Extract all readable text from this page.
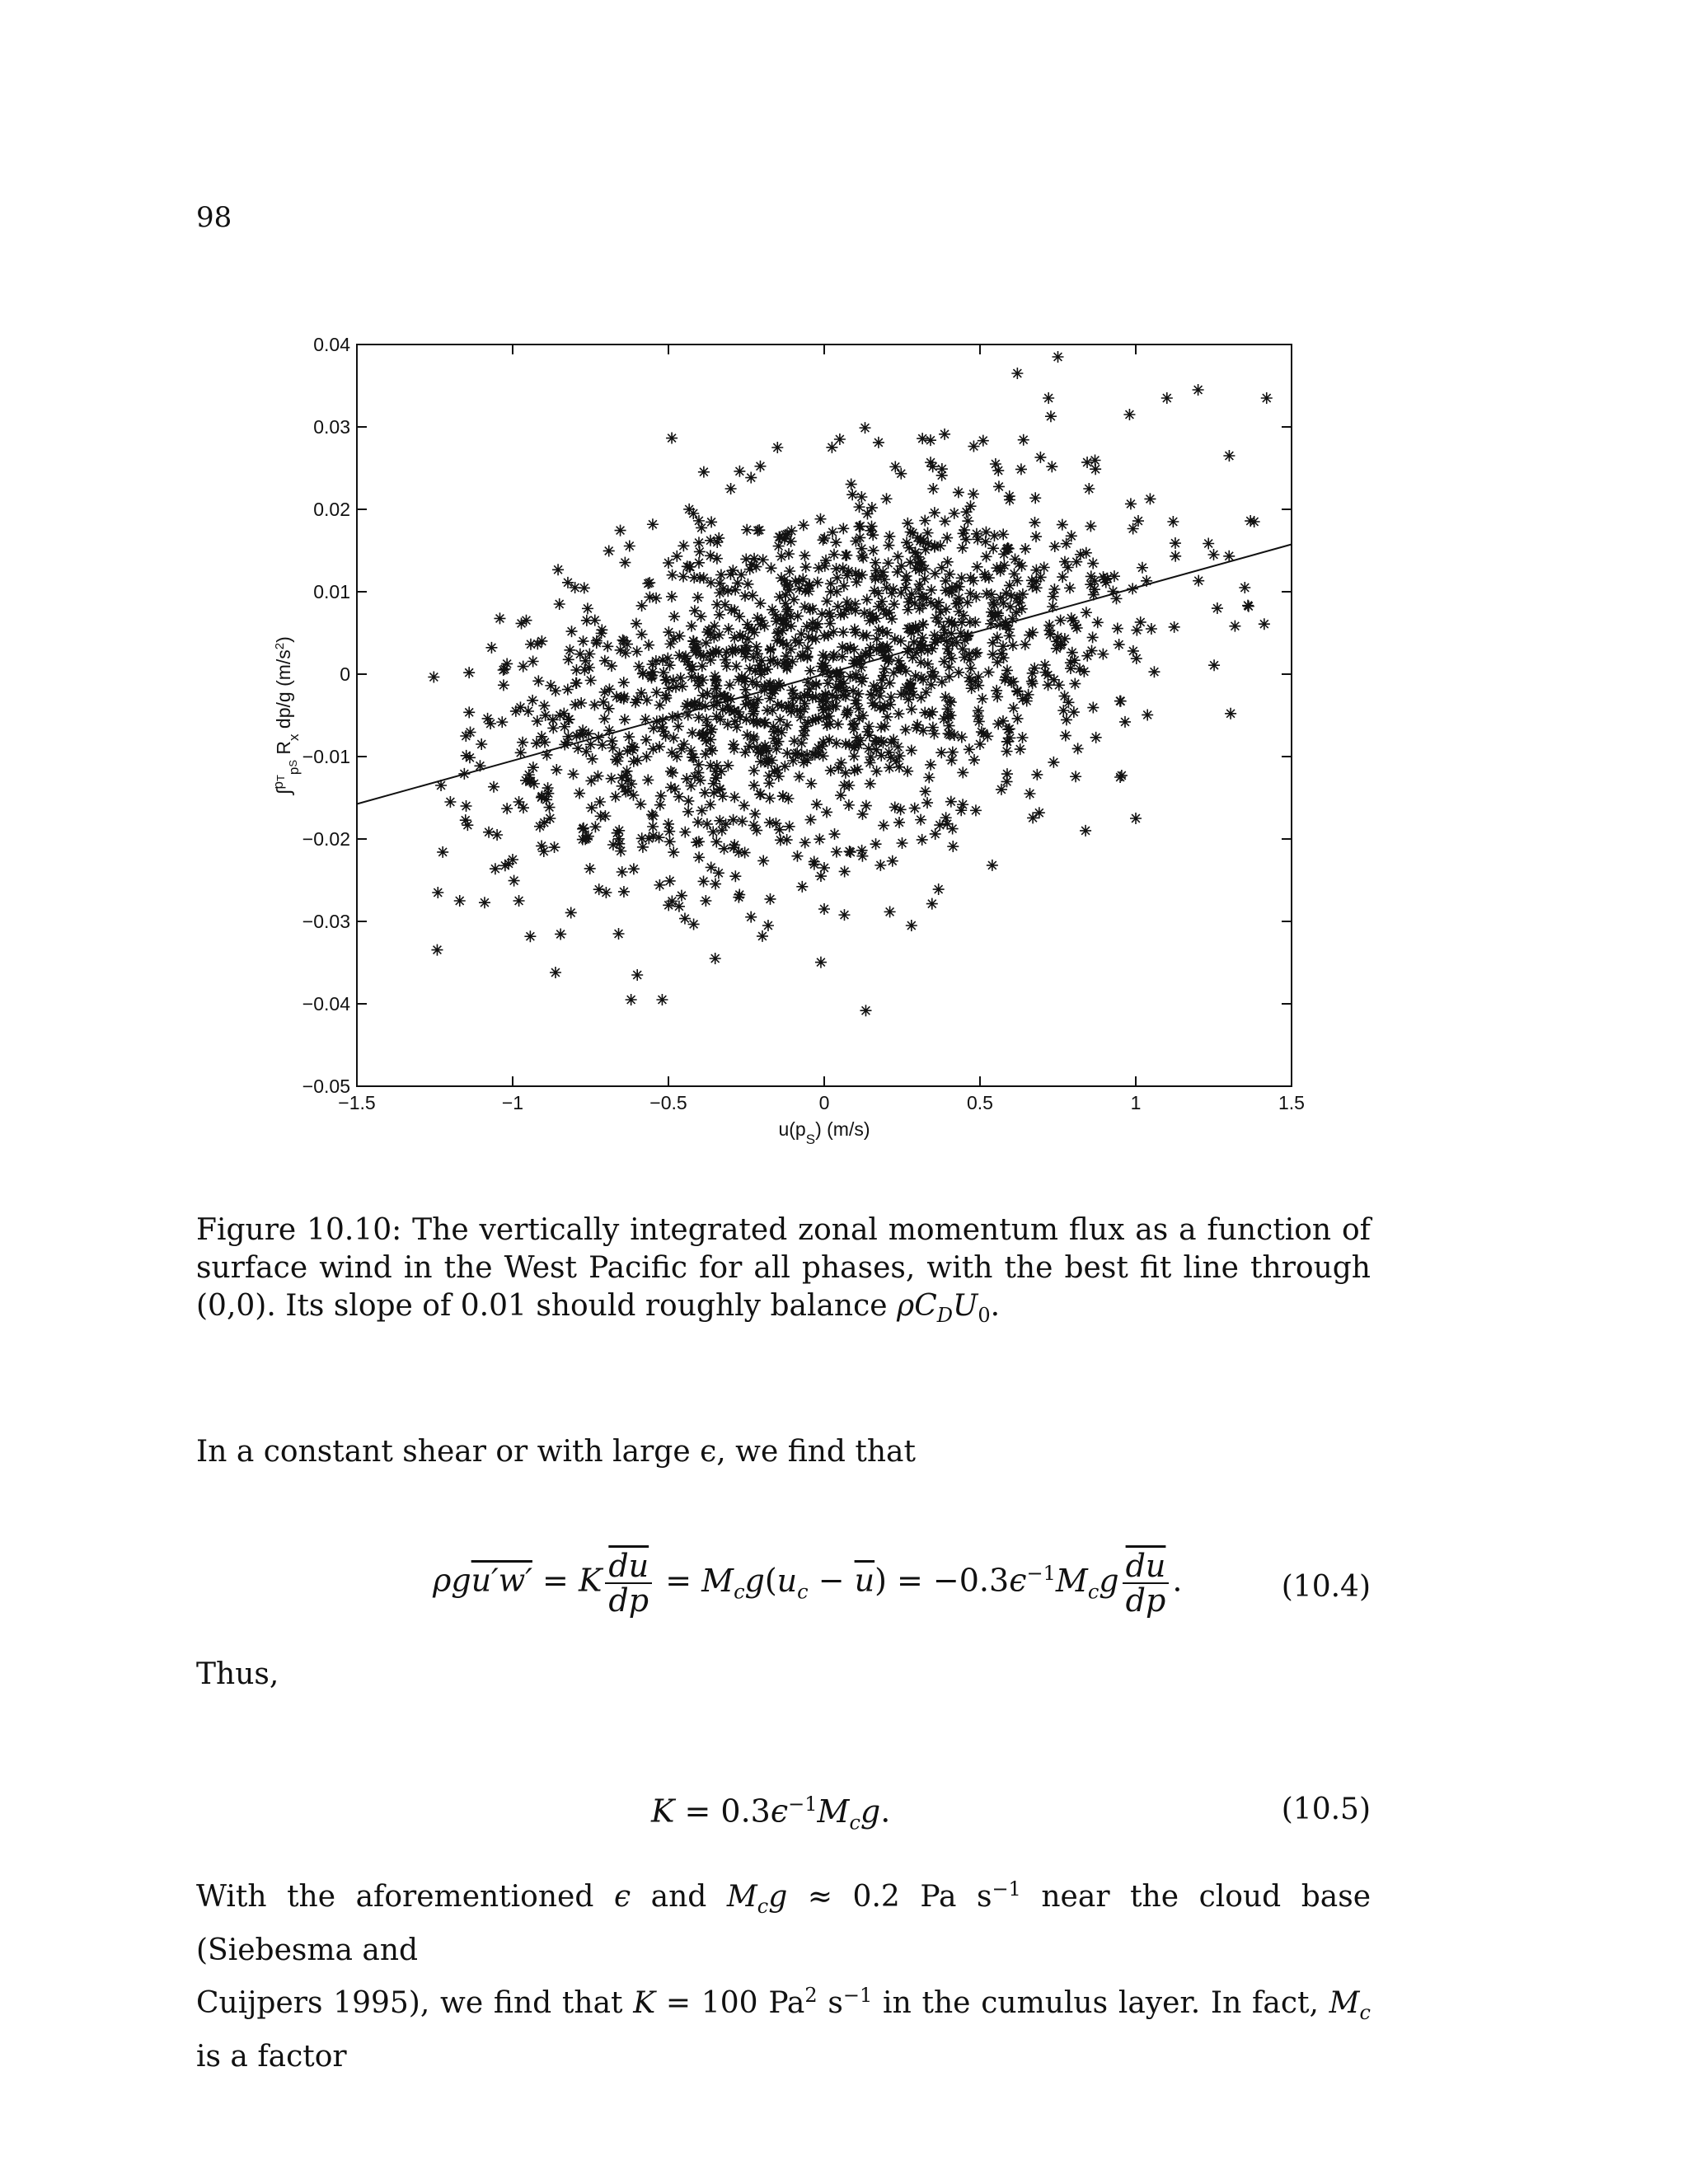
98
−1.5	−1	−0.5	0	0.5	1	1.5
0.04
0.03
0.02
0.01
0
−0.01
−0.02
−0.03
−0.04
−0.05
$u(p_S)$ (m/s)
∫$^{pT}_{pS}$ $R_x$ dp/g $(m/s^2)$
Figure 10.10: The vertically integrated zonal momentum flux as a function of surface wind in the West Pacific for all phases, with the best fit line through (0,0). Its slope of 0.01 should roughly balance $\rho C_DU_0$.
In a constant shear or with large ϵ, we find that
ρgu′w′ = K $\frac{\overline{du}}{dp} = M_cg(u_c - \overline{u}) = -0.3\epsilon^{-1}M_cg \frac{\overline{du}}{dp}$ .	(10.4)
Thus,
$K = 0.3\epsilon^{-1}M_cg$.	(10.5)
With the aforementioned ϵ and $M_cg \approx 0.2$ Pa $s^{-1}$ near the cloud base (Siebesma and
Cuijpers 1995), we find that K = 100 Pa$^2$ $s^{-1}$ in the cumulus layer. In fact, $M_c$ is a factor
